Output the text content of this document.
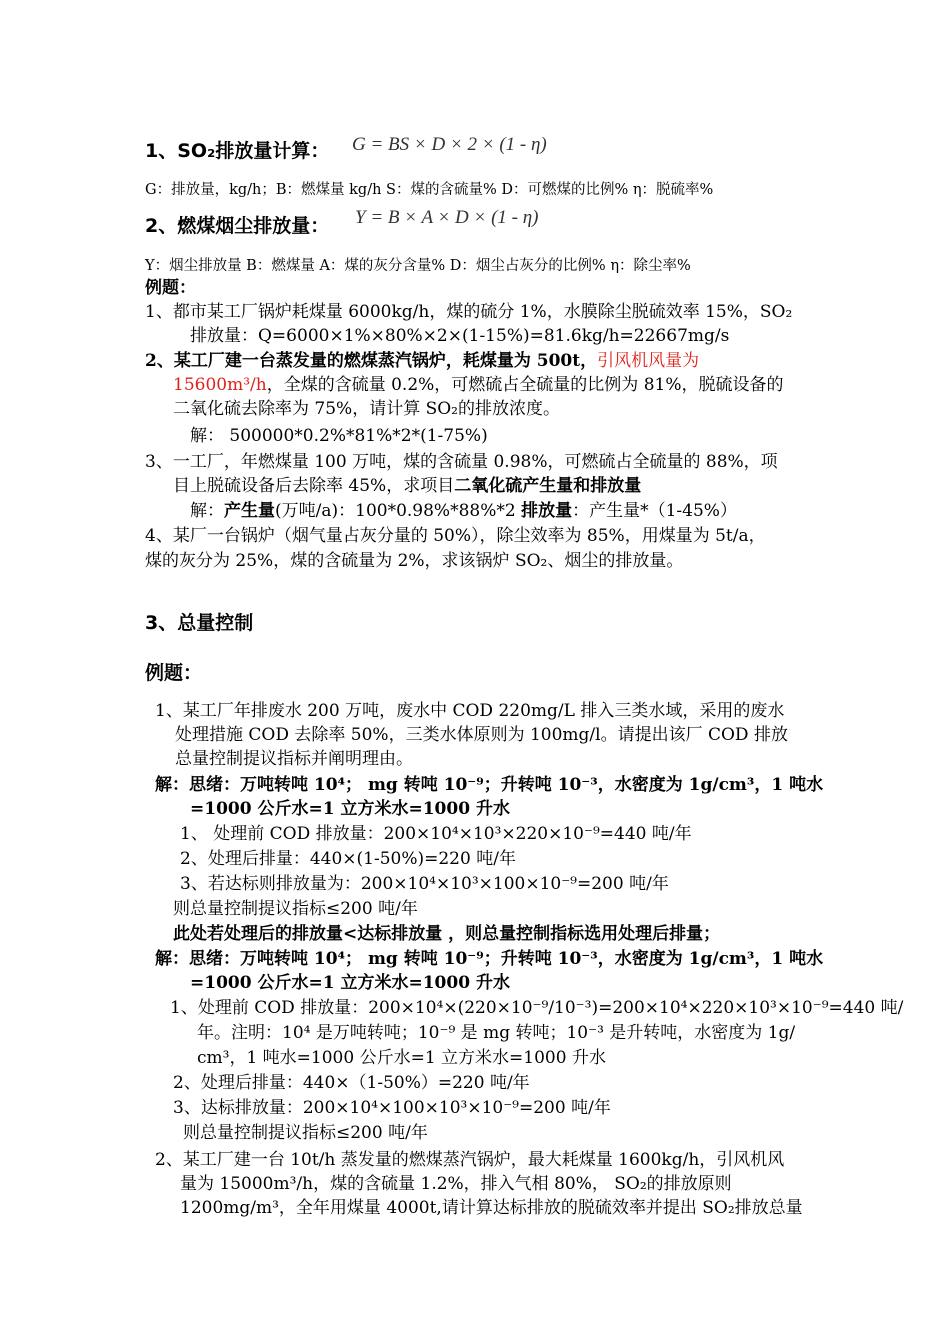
1、SO₂排放量计算： G = BS × D × 2 × (1 - η)
G：排放量，kg/h；B：燃煤量 kg/h S：煤的含硫量% D：可燃煤的比例% η：脱硫率%
2、燃煤烟尘排放量： Y = B × A × D × (1 - η)
Y：烟尘排放量 B：燃煤量 A：煤的灰分含量% D：烟尘占灰分的比例% η：除尘率%
例题：
1、都市某工厂锅炉耗煤量 6000kg/h，煤的硫分 1%，水膜除尘脱硫效率 15%，SO₂
排放量：Q=6000×1%×80%×2×(1-15%)=81.6kg/h=22667mg/s
2、某工厂建一台蒸发量的燃煤蒸汽锅炉，耗煤量为 500t，引风机风量为
15600m³/h，全煤的含硫量 0.2%，可燃硫占全硫量的比例为 81%，脱硫设备的
二氧化硫去除率为 75%，请计算 SO₂的排放浓度。
解： 500000*0.2%*81%*2*(1-75%)
3、一工厂，年燃煤量 100 万吨，煤的含硫量 0.98%，可燃硫占全硫量的 88%，项
目上脱硫设备后去除率 45%，求项目二氧化硫产生量和排放量
解：产生量(万吨/a)：100*0.98%*88%*2 排放量：产生量*（1-45%）
4、某厂一台锅炉（烟气量占灰分量的 50%），除尘效率为 85%，用煤量为 5t/a，
煤的灰分为 25%，煤的含硫量为 2%，求该锅炉 SO₂、烟尘的排放量。
3、总量控制
例题：
1、某工厂年排废水 200 万吨，废水中 COD 220mg/L 排入三类水域，采用的废水
处理措施 COD 去除率 50%，三类水体原则为 100mg/l。请提出该厂 COD 排放
总量控制提议指标并阐明理由。
解：思绪：万吨转吨 10⁴； mg 转吨 10⁻⁹；升转吨 10⁻³，水密度为 1g/cm³，1 吨水
=1000 公斤水=1 立方米水=1000 升水
1、 处理前 COD 排放量：200×10⁴×10³×220×10⁻⁹=440 吨/年
2、处理后排量：440×(1-50%)=220 吨/年
3、若达标则排放量为：200×10⁴×10³×100×10⁻⁹=200 吨/年
则总量控制提议指标≤200 吨/年
此处若处理后的排放量<达标排放量 ，则总量控制指标选用处理后排量；
解：思绪：万吨转吨 10⁴； mg 转吨 10⁻⁹；升转吨 10⁻³，水密度为 1g/cm³，1 吨水
=1000 公斤水=1 立方米水=1000 升水
1、处理前 COD 排放量：200×10⁴×(220×10⁻⁹/10⁻³)=200×10⁴×220×10³×10⁻⁹=440 吨/
年。注明：10⁴ 是万吨转吨；10⁻⁹ 是 mg 转吨；10⁻³ 是升转吨，水密度为 1g/
cm³，1 吨水=1000 公斤水=1 立方米水=1000 升水
2、处理后排量：440×（1-50%）=220 吨/年
3、达标排放量：200×10⁴×100×10³×10⁻⁹=200 吨/年
则总量控制提议指标≤200 吨/年
2、某工厂建一台 10t/h 蒸发量的燃煤蒸汽锅炉，最大耗煤量 1600kg/h，引风机风
量为 15000m³/h，煤的含硫量 1.2%，排入气相 80%， SO₂的排放原则
1200mg/m³，全年用煤量 4000t,请计算达标排放的脱硫效率并提出 SO₂排放总量
